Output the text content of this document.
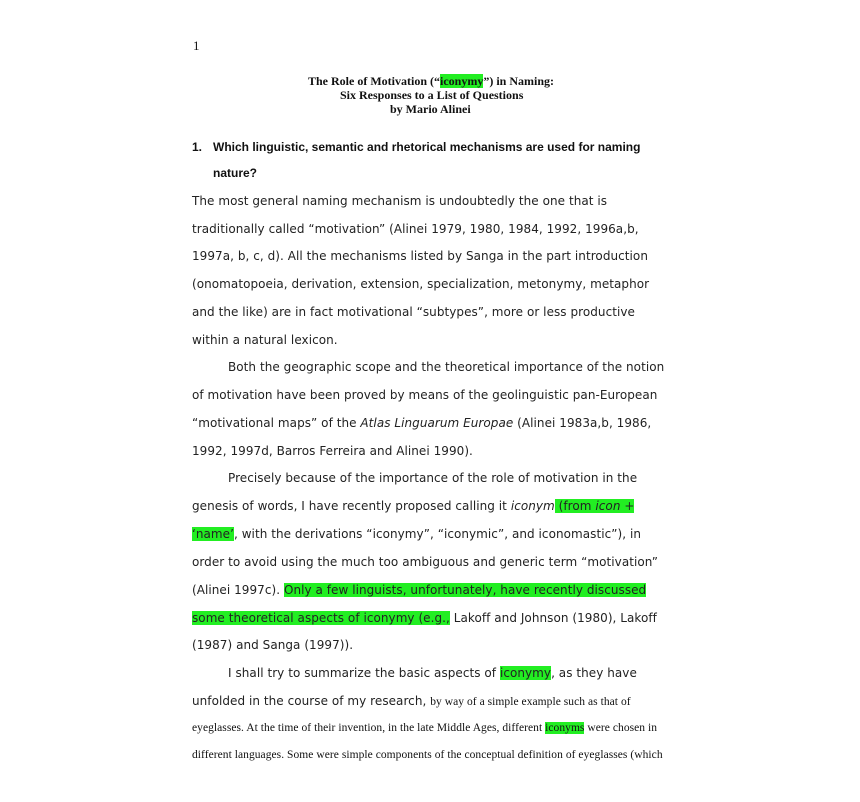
1
The Role of Motivation (“iconymy”) in Naming:
Six Responses to a List of Questions
by Mario Alinei
1. Which linguistic, semantic and rhetorical mechanisms are used for naming
nature?
The most general naming mechanism is undoubtedly the one that is
traditionally called “motivation” (Alinei 1979, 1980, 1984, 1992, 1996a,b,
1997a, b, c, d). All the mechanisms listed by Sanga in the part introduction
(onomatopoeia, derivation, extension, specialization, metonymy, metaphor
and the like) are in fact motivational “subtypes”, more or less productive
within a natural lexicon.
Both the geographic scope and the theoretical importance of the notion
of motivation have been proved by means of the geolinguistic pan-European
“motivational maps” of the Atlas Linguarum Europae (Alinei 1983a,b, 1986,
1992, 1997d, Barros Ferreira and Alinei 1990).
Precisely because of the importance of the role of motivation in the
genesis of words, I have recently proposed calling it iconym (from icon +
‘name’, with the derivations “iconymy”, “iconymic”, and iconomastic”), in
order to avoid using the much too ambiguous and generic term “motivation”
(Alinei 1997c). Only a few linguists, unfortunately, have recently discussed
some theoretical aspects of iconymy (e.g., Lakoff and Johnson (1980), Lakoff
(1987) and Sanga (1997)).
I shall try to summarize the basic aspects of iconymy, as they have
unfolded in the course of my research, by way of a simple example such as that of
eyeglasses. At the time of their invention, in the late Middle Ages, different iconyms were chosen in
different languages. Some were simple components of the conceptual definition of eyeglasses (which
